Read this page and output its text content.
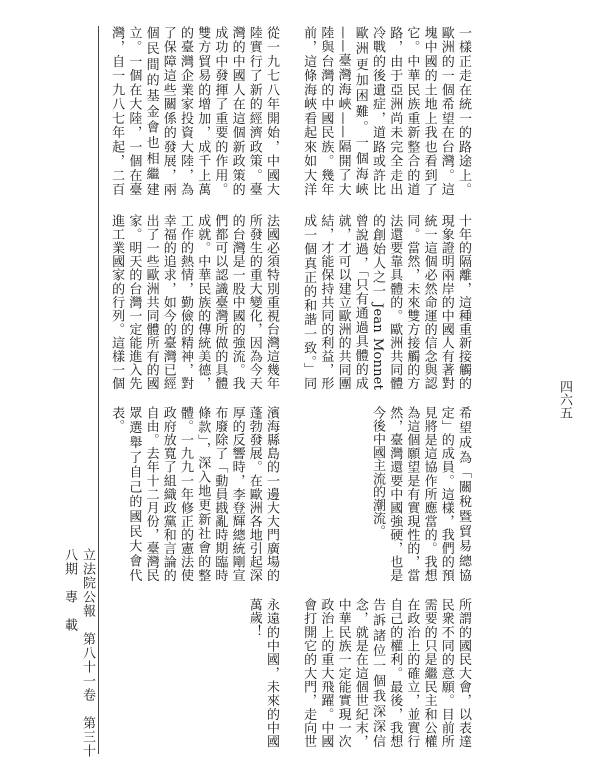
立法院公報　第八十一卷　第三十八期　專　載
四六五

一樣正走在統一的路途上。歐洲的一個希望在台灣。這塊中國的土地上我也看到了它。中華民族重新整合的道路，由于亞洲尚未完全走出冷戰的後遺症，道路或許比歐洲更加困難。一個海峽——臺灣海峽——隔開了大陸與台灣的中國民族。幾年前，這條海峽看起來如大洋

從一九七八年開始，中國大陸實行了新的經濟政策。臺灣的中國人在這個新政策的成功中發揮了重要的作用。雙方貿易的增加，成千上萬的臺灣企業家投資大陸，為了保障這些關係的發展，兩個民間的基金會也相繼建立。一個在大陸，一個在臺灣，自一九八七年起，二百

十年的隔離，這種重新接觸的現象證明兩岸的中國人有著對統一這個必然命運的信念與認同。當然，未來雙方接觸的方法還要靠具體的。歐洲共同體的創始人之一 Jean Monnet 曾說過，「只有通過具體的成就，才可以建立歐洲的共同團結，才能保持共同的利益，形成一個真正的和諧一致。」同

法國必須特別重視台灣這幾年所發生的重大變化，因為今天的台灣是一股中國的強流。我們都可以認識臺灣所做的具體成就。中華民族的傳統美德，工作的熱情，勤儉的精神，對幸福的追求，如今的臺灣已經出了一些歐洲共同體所有的國家。明天的台灣一定能進入先進工業國家的行列。這樣一個

希望成為「關稅暨貿易總協定」的成員。這樣，我們的預見將是這協作所應當的。我想為這個願望是有實現性的，當然，臺灣還要中國強硬，也是今後中國主流的潮流。

濱海縣島的一邊大大門廣場的蓬勃發展。在歐洲各地引起深厚的反響時，李登輝總統剛宣布廢除了「動員戡亂時期臨時條款」，深入地更新社會的整體。一九九一年修正的憲法使政府放寬了組織政黨和言論的自由。去年十二月份，臺灣民眾選舉了自己的國民大會代表。

所謂的國民大會，以表達民衆不同的意願。目前所需要的只是繼民主和公權在政治上的確立，並實行自己的權利。最後，我想告訴諸位一個我深深信念，就是在這個世紀末，中華民族一定能實現一次政治上的重大飛躍。中國會打開它的大門，走向世

永遠的中國，未來的中國萬歲！
